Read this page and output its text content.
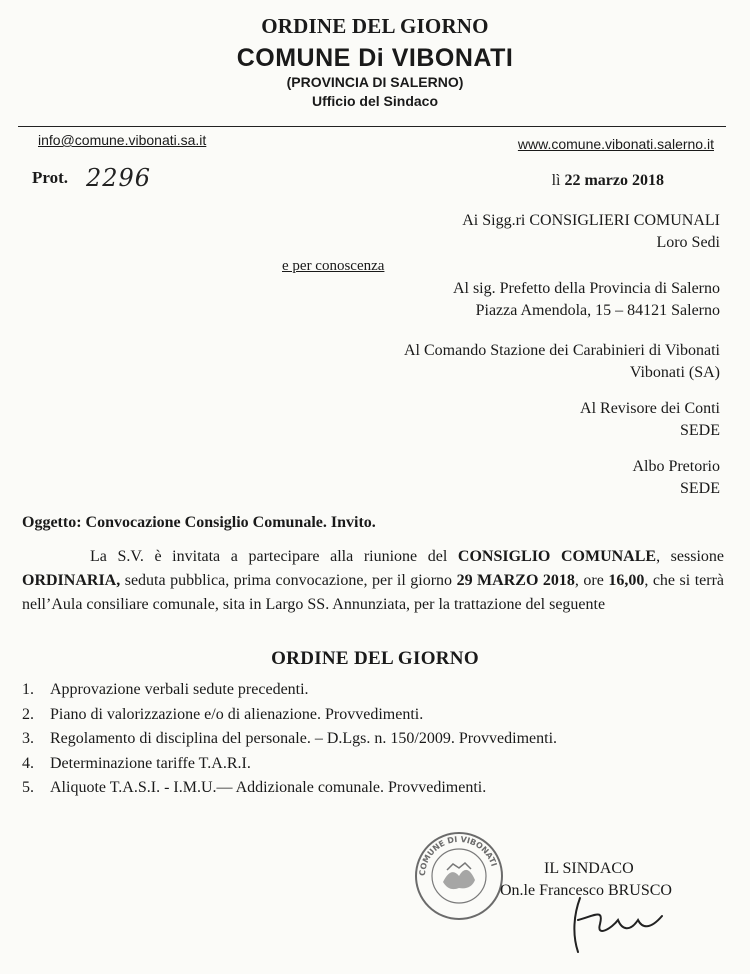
ORDINE DEL GIORNO
COMUNE Di VIBONATI
(PROVINCIA DI SALERNO)
Ufficio del Sindaco
info@comune.vibonati.sa.it	www.comune.vibonati.salerno.it
Prot. 2296	lì 22 marzo 2018
Ai Sigg.ri CONSIGLIERI COMUNALI
Loro Sedi
e per conoscenza
Al sig. Prefetto della Provincia di Salerno
Piazza Amendola, 15 – 84121 Salerno
Al Comando Stazione dei Carabinieri di Vibonati
Vibonati (SA)
Al Revisore dei Conti
SEDE
Albo Pretorio
SEDE
Oggetto: Convocazione Consiglio Comunale. Invito.
La S.V. è invitata a partecipare alla riunione del CONSIGLIO COMUNALE, sessione ORDINARIA, seduta pubblica, prima convocazione, per il giorno 29 MARZO 2018, ore 16,00, che si terrà nell’Aula consiliare comunale, sita in Largo SS. Annunziata, per la trattazione del seguente
ORDINE DEL GIORNO
1. Approvazione verbali sedute precedenti.
2. Piano di valorizzazione e/o di alienazione. Provvedimenti.
3. Regolamento di disciplina del personale. – D.Lgs. n. 150/2009. Provvedimenti.
4. Determinazione tariffe T.A.R.I.
5. Aliquote T.A.S.I. - I.M.U.— Addizionale comunale. Provvedimenti.
COMUNE DI VIBONATI	IL SINDACO
On.le Francesco BRUSCO
